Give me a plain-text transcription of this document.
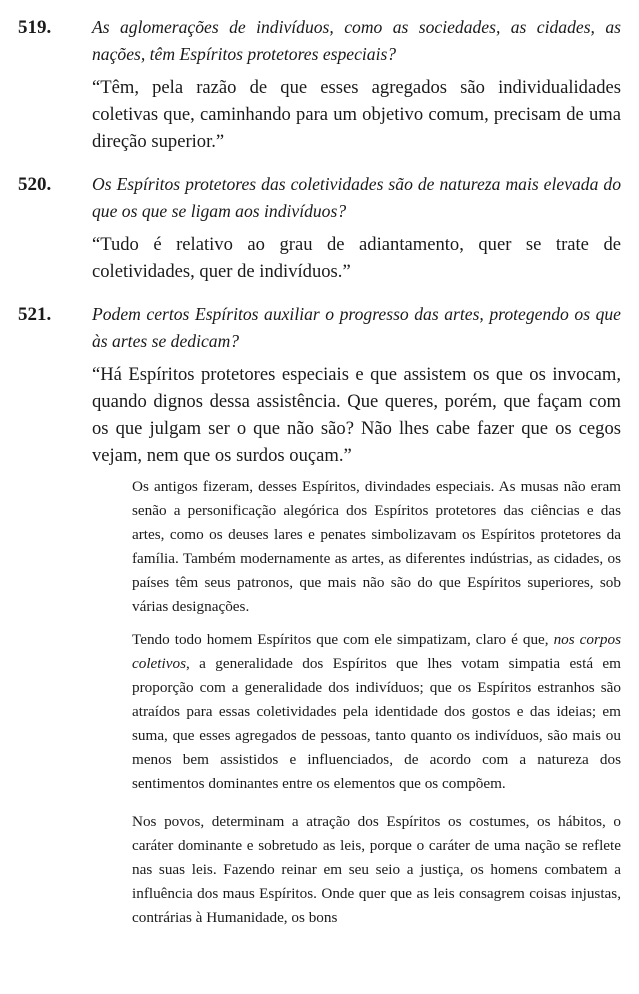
519.	As aglomerações de indivíduos, como as sociedades, as cidades, as nações, têm Espíritos protetores especiais?
“Têm, pela razão de que esses agregados são individualidades coletivas que, caminhando para um objetivo comum, precisam de uma direção superior.”
520.	Os Espíritos protetores das coletividades são de natureza mais elevada do que os que se ligam aos indivíduos?
“Tudo é relativo ao grau de adiantamento, quer se trate de coletividades, quer de indivíduos.”
521.	Podem certos Espíritos auxiliar o progresso das artes, protegendo os que às artes se dedicam?
“Há Espíritos protetores especiais e que assistem os que os invocam, quando dignos dessa assistência. Que queres, porém, que façam com os que julgam ser o que não são? Não lhes cabe fazer que os cegos vejam, nem que os surdos ouçam.”

Os antigos fizeram, desses Espíritos, divindades especiais. As musas não eram senão a personificação alegórica dos Espíritos protetores das ciências e das artes, como os deuses lares e penates simbolizavam os Espíritos protetores da família. Também modernamente as artes, as diferentes indústrias, as cidades, os países têm seus patronos, que mais não são do que Espíritos superiores, sob várias designações.

Tendo todo homem Espíritos que com ele simpatizam, claro é que, nos corpos coletivos, a generalidade dos Espíritos que lhes votam simpatia está em proporção com a generalidade dos indivíduos; que os Espíritos estranhos são atraídos para essas coletividades pela identidade dos gostos e das ideias; em suma, que esses agregados de pessoas, tanto quanto os indivíduos, são mais ou menos bem assistidos e influenciados, de acordo com a natureza dos sentimentos dominantes entre os elementos que os compõem.

Nos povos, determinam a atração dos Espíritos os costumes, os hábitos, o caráter dominante e sobretudo as leis, porque o caráter de uma nação se reflete nas suas leis. Fazendo reinar em seu seio a justiça, os homens combatem a influência dos maus Espíritos. Onde quer que as leis consagrem coisas injustas, contrárias à Humanidade, os bons
